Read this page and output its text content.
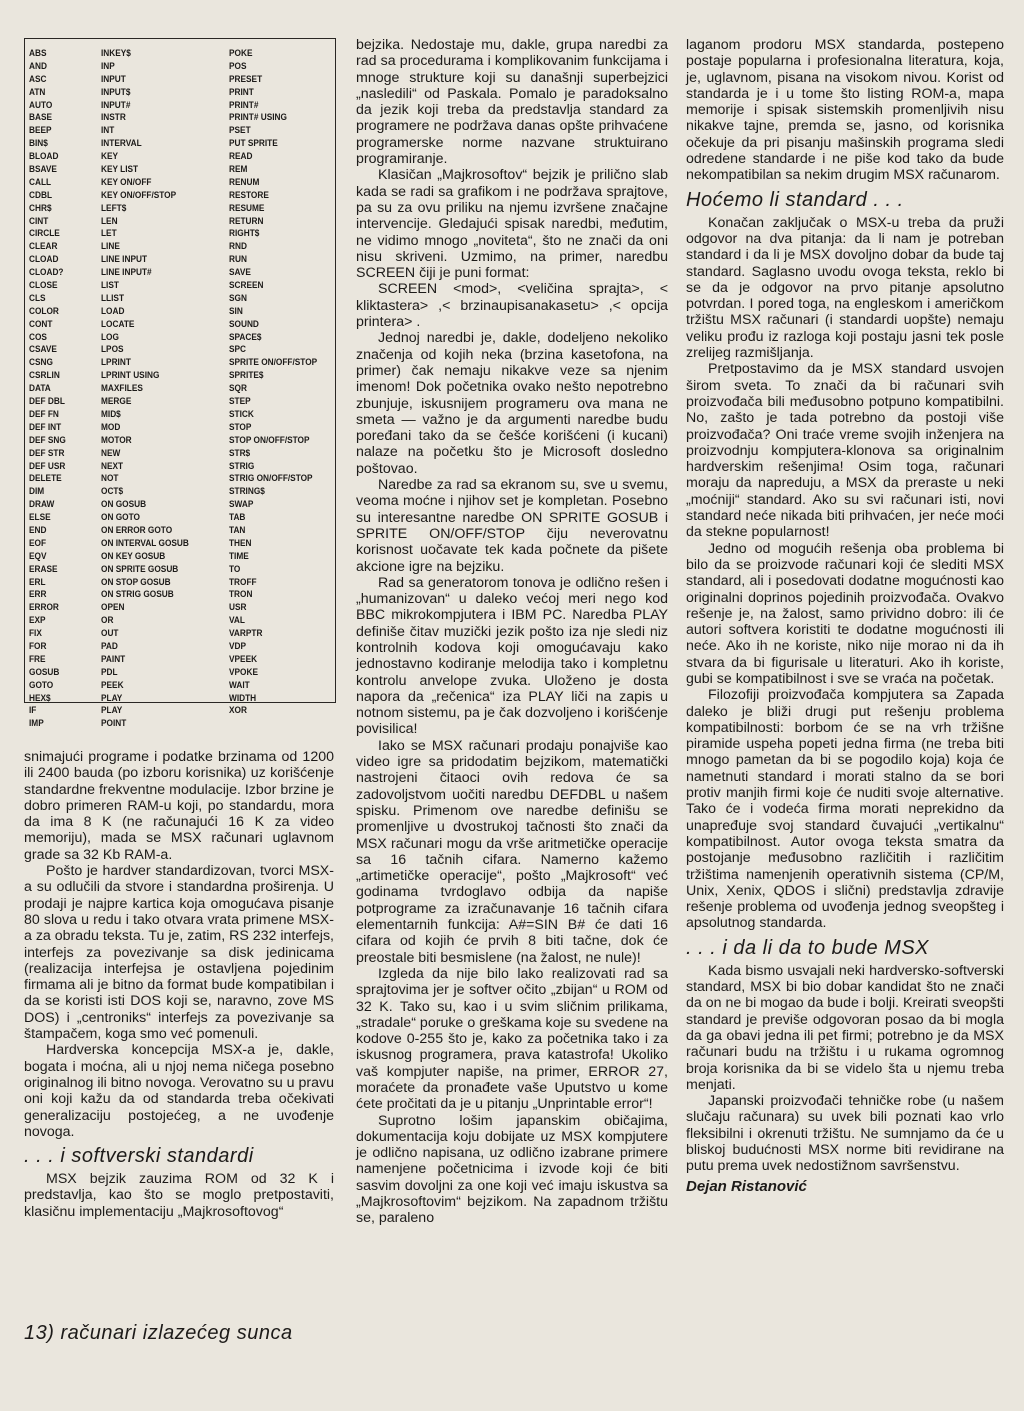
ABS
AND
ASC
ATN
AUTO
BASE
BEEP
BIN$
BLOAD
BSAVE
CALL
CDBL
CHR$
CINT
CIRCLE
CLEAR
CLOAD
CLOAD?
CLOSE
CLS
COLOR
CONT
COS
CSAVE
CSNG
CSRLIN
DATA
DEF DBL
DEF FN
DEF INT
DEF SNG
DEF STR
DEF USR
DELETE
DIM
DRAW
ELSE
END
EOF
EQV
ERASE
ERL
ERR
ERROR
EXP
FIX
FOR
FRE
GOSUB
GOTO
HEX$
IF
IMP
INKEY$
INP
INPUT
INPUT$
INPUT#
INSTR
INT
INTERVAL
KEY
KEY LIST
KEY ON/OFF
KEY ON/OFF/STOP
LEFT$
LEN
LET
LINE
LINE INPUT
LINE INPUT#
LIST
LLIST
LOAD
LOCATE
LOG
LPOS
LPRINT
LPRINT USING
MAXFILES
MERGE
MID$
MOD
MOTOR
NEW
NEXT
NOT
OCT$
ON GOSUB
ON GOTO
ON ERROR GOTO
ON INTERVAL GOSUB
ON KEY GOSUB
ON SPRITE GOSUB
ON STOP GOSUB
ON STRIG GOSUB
OPEN
OR
OUT
PAD
PAINT
PDL
PEEK
PLAY
PLAY
POINT
POKE
POS
PRESET
PRINT
PRINT#
PRINT# USING
PSET
PUT SPRITE
READ
REM
RENUM
RESTORE
RESUME
RETURN
RIGHT$
RND
RUN
SAVE
SCREEN
SGN
SIN
SOUND
SPACE$
SPC
SPRITE ON/OFF/STOP
SPRITE$
SQR
STEP
STICK
STOP
STOP ON/OFF/STOP
STR$
STRIG
STRIG ON/OFF/STOP
STRING$
SWAP
TAB
TAN
THEN
TIME
TO
TROFF
TRON
USR
VAL
VARPTR
VDP
VPEEK
VPOKE
WAIT
WIDTH
XOR

snimajući programe i podatke brzinama od 1200 ili 2400 bauda (po izboru korisnika) uz korišćenje standardne frekventne modulacije. Izbor brzine je dobro primeren RAM-u koji, po standardu, mora da ima 8 K (ne računajući 16 K za video memoriju), mada se MSX računari uglavnom grade sa 32 Kb RAM-a.

Pošto je hardver standardizovan, tvorci MSX-a su odlučili da stvore i standardna proširenja. U prodaji je najpre kartica koja omogućava pisanje 80 slova u redu i tako otvara vrata primene MSX-a za obradu teksta. Tu je, zatim, RS 232 interfejs, interfejs za povezivanje sa disk jedinicama (realizacija interfejsa je ostavljena pojedinim firmama ali je bitno da format bude kompatibilan i da se koristi isti DOS koji se, naravno, zove MS DOS) i „centroniks“ interfejs za povezivanje sa štampačem, koga smo već pomenuli.

Hardverska koncepcija MSX-a je, dakle, bogata i moćna, ali u njoj nema ničega posebno originalnog ili bitno novoga. Verovatno su u pravu oni koji kažu da od standarda treba očekivati generalizaciju postojećeg, a ne uvođenje novoga.

. . . i softverski standardi

MSX bejzik zauzima ROM od 32 K i predstavlja, kao što se moglo pretpostaviti, klasičnu implementaciju „Majkrosoftovog“

13) računari izlazećeg sunca

bejzika. Nedostaje mu, dakle, grupa naredbi za rad sa procedurama i komplikovanim funkcijama i mnoge strukture koji su današnji superbejzici „nasledili“ od Paskala. Pomalo je paradoksalno da jezik koji treba da predstavlja standard za programere ne podržava danas opšte prihvaćene programerske norme nazvane struktuirano programiranje.

Klasičan „Majkrosoftov“ bejzik je prilično slab kada se radi sa grafikom i ne podržava sprajtove, pa su za ovu priliku na njemu izvršene značajne intervencije. Gledajući spisak naredbi, međutim, ne vidimo mnogo „noviteta“, što ne znači da oni nisu skriveni. Uzmimo, na primer, naredbu SCREEN čiji je puni format:

SCREEN <mod>, <veličina sprajta>, < kliktastera> ,< brzinaupisanakasetu> ,< opcija printera> .

Jednoj naredbi je, dakle, dodeljeno nekoliko značenja od kojih neka (brzina kasetofona, na primer) čak nemaju nikakve veze sa njenim imenom! Dok početnika ovako nešto nepotrebno zbunjuje, iskusnijem programeru ova mana ne smeta — važno je da argumenti naredbe budu poređani tako da se češće korišćeni (i kucani) nalaze na početku što je Microsoft dosledno poštovao.

Naredbe za rad sa ekranom su, sve u svemu, veoma moćne i njihov set je kompletan. Posebno su interesantne naredbe ON SPRITE GOSUB i SPRITE ON/OFF/STOP čiju neverovatnu korisnost uočavate tek kada počnete da pišete akcione igre na bejziku.

Rad sa generatorom tonova je odlično rešen i „humanizovan“ u daleko većoj meri nego kod BBC mikrokompjutera i IBM PC. Naredba PLAY definiše čitav muzički jezik pošto iza nje sledi niz kontrolnih kodova koji omogućavaju kako jednostavno kodiranje melodija tako i kompletnu kontrolu anvelope zvuka. Uloženo je dosta napora da „rečenica“ iza PLAY liči na zapis u notnom sistemu, pa je čak dozvoljeno i korišćenje povisilica!

Iako se MSX računari prodaju ponajviše kao video igre sa pridodatim bejzikom, matematički nastrojeni čitaoci ovih redova će sa zadovoljstvom uočiti naredbu DEFDBL u našem spisku. Primenom ove naredbe definišu se promenljive u dvostrukoj tačnosti što znači da MSX računari mogu da vrše aritmetičke operacije sa 16 tačnih cifara. Namerno kažemo „artimetičke operacije“, pošto „Majkrosoft“ već godinama tvrdoglavo odbija da napiše potprograme za izračunavanje 16 tačnih cifara elementarnih funkcija: A#=SIN B# će dati 16 cifara od kojih će prvih 8 biti tačne, dok će preostale biti besmislene (na žalost, ne nule)!

Izgleda da nije bilo lako realizovati rad sa sprajtovima jer je softver očito „zbijan“ u ROM od 32 K. Tako su, kao i u svim sličnim prilikama, „stradale“ poruke o greškama koje su svedene na kodove 0-255 što je, kako za početnika tako i za iskusnog programera, prava katastrofa! Ukoliko vaš kompjuter napiše, na primer, ERROR 27, moraćete da pronađete vaše Uputstvo u kome ćete pročitati da je u pitanju „Unprintable error“!

Suprotno lošim japanskim običajima, dokumentacija koju dobijate uz MSX kompjutere je odlično napisana, uz odlično izabrane primere namenjene početnicima i izvode koji će biti sasvim dovoljni za one koji već imaju iskustva sa „Majkrosoftovim“ bejzikom. Na zapadnom tržištu se, paraleno

laganom prodoru MSX standarda, postepeno postaje popularna i profesionalna literatura, koja, je, uglavnom, pisana na visokom nivou. Korist od standarda je i u tome što listing ROM-a, mapa memorije i spisak sistemskih promenljivih nisu nikakve tajne, premda se, jasno, od korisnika očekuje da pri pisanju mašinskih programa sledi odredene standarde i ne piše kod tako da bude nekompatibilan sa nekim drugim MSX računarom.

Hoćemo li standard . . .

Konačan zaključak o MSX-u treba da pruži odgovor na dva pitanja: da li nam je potreban standard i da li je MSX dovoljno dobar da bude taj standard. Saglasno uvodu ovoga teksta, reklo bi se da je odgovor na prvo pitanje apsolutno potvrdan. I pored toga, na engleskom i američkom tržištu MSX računari (i standardi uopšte) nemaju veliku prođu iz razloga koji postaju jasni tek posle zrelijeg razmišljanja.

Pretpostavimo da je MSX standard usvojen širom sveta. To znači da bi računari svih proizvođača bili međusobno potpuno kompatibilni. No, zašto je tada potrebno da postoji više proizvođača? Oni traće vreme svojih inženjera na proizvodnju kompjutera-klonova sa originalnim hardverskim rešenjima! Osim toga, računari moraju da napreduju, a MSX da preraste u neki „moćniji“ standard. Ako su svi računari isti, novi standard neće nikada biti prihvaćen, jer neće moći da stekne popularnost!

Jedno od mogućih rešenja oba problema bi bilo da se proizvode računari koji će slediti MSX standard, ali i posedovati dodatne mogućnosti kao originalni doprinos pojedinih proizvođača. Ovakvo rešenje je, na žalost, samo prividno dobro: ili će autori softvera koristiti te dodatne mogućnosti ili neće. Ako ih ne koriste, niko nije morao ni da ih stvara da bi figurisale u literaturi. Ako ih koriste, gubi se kompatibilnost i sve se vraća na početak.

Filozofiji proizvođača kompjutera sa Zapada daleko je bliži drugi put rešenju problema kompatibilnosti: borbom će se na vrh tržišne piramide uspeha popeti jedna firma (ne treba biti mnogo pametan da bi se pogodilo koja) koja će nametnuti standard i morati stalno da se bori protiv manjih firmi koje će nuditi svoje alternative. Tako će i vodeća firma morati neprekidno da unapređuje svoj standard čuvajući „vertikalnu“ kompatibilnost. Autor ovoga teksta smatra da postojanje međusobno različitih i različitim tržištima namenjenih operativnih sistema (CP/M, Unix, Xenix, QDOS i slični) predstavlja zdravije rešenje problema od uvođenja jednog sveopšteg i apsolutnog standarda.

. . . i da li da to bude MSX

Kada bismo usvajali neki hardversko-softverski standard, MSX bi bio dobar kandidat što ne znači da on ne bi mogao da bude i bolji. Kreirati sveopšti standard je previše odgovoran posao da bi mogla da ga obavi jedna ili pet firmi; potrebno je da MSX računari budu na tržištu i u rukama ogromnog broja korisnika da bi se videlo šta u njemu treba menjati.

Japanski proizvođači tehničke robe (u našem slučaju računara) su uvek bili poznati kao vrlo fleksibilni i okrenuti tržištu. Ne sumnjamo da će u bliskoj budućnosti MSX norme biti revidirane na putu prema uvek nedostižnom savršenstvu.

Dejan Ristanović
